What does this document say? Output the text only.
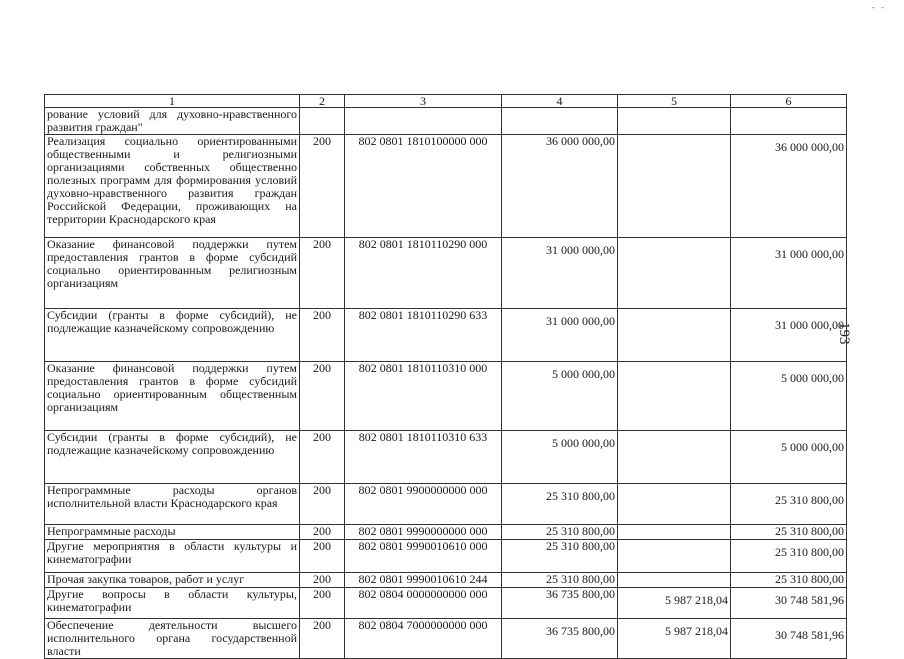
- -
193
1	2	3	4	5	6
рование условий для духовно-нравственного развития граждан"					
Реализация социально ориентированными общественными и религиозными организациями собственных общественно полезных программ для формирования условий духовно-нравственного развития граждан Российской Федерации, проживающих на территории Краснодарского края	200	802 0801 1810100000 000	36 000 000,00		36 000 000,00
Оказание финансовой поддержки путем предоставления грантов в форме субсидий социально ориентированным религиозным организациям	200	802 0801 1810110290 000	31 000 000,00		31 000 000,00
Субсидии (гранты в форме субсидий), не подлежащие казначейскому сопровождению	200	802 0801 1810110290 633	31 000 000,00		31 000 000,00
Оказание финансовой поддержки путем предоставления грантов в форме субсидий социально ориентированным общественным организациям	200	802 0801 1810110310 000	5 000 000,00		5 000 000,00
Субсидии (гранты в форме субсидий), не подлежащие казначейскому сопровождению	200	802 0801 1810110310 633	5 000 000,00		5 000 000,00
Непрограммные расходы органов исполнительной власти Краснодарского края	200	802 0801 9900000000 000	25 310 800,00		25 310 800,00
Непрограммные расходы	200	802 0801 9990000000 000	25 310 800,00		25 310 800,00
Другие мероприятия в области культуры и кинематографии	200	802 0801 9990010610 000	25 310 800,00		25 310 800,00
Прочая закупка товаров, работ и услуг	200	802 0801 9990010610 244	25 310 800,00		25 310 800,00
Другие вопросы в области культуры, кинематографии	200	802 0804 0000000000 000	36 735 800,00	5 987 218,04	30 748 581,96
Обеспечение деятельности высшего исполнительного органа государственной власти	200	802 0804 7000000000 000	36 735 800,00	5 987 218,04	30 748 581,96
